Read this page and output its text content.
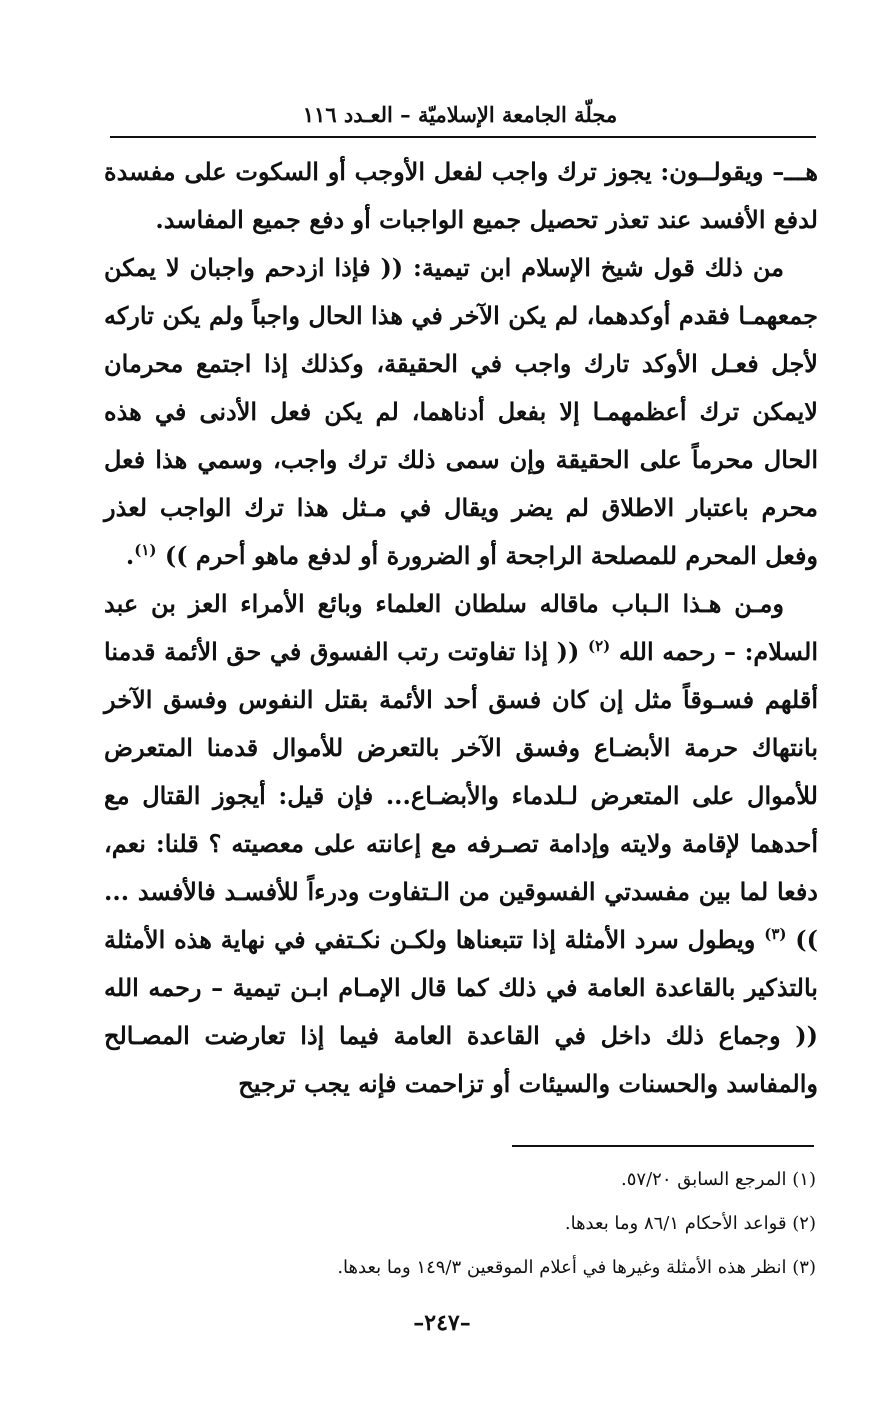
مجلّة الجامعة الإسلاميّة – العـدد ١١٦

هـــ– ويقولــون: يجوز ترك واجب لفعل الأوجب أو السكوت على مفسدة لدفع الأفسد عند تعذر تحصيل جميع الواجبات أو دفع جميع المفاسد.

من ذلك قول شيخ الإسلام ابن تيمية: (( فإذا ازدحم واجبان لا يمكن جمعهمـا فقدم أوكدهما، لم يكن الآخر في هذا الحال واجباً ولم يكن تاركه لأجل فعـل الأوكد تارك واجب في الحقيقة، وكذلك إذا اجتمع محرمان لايمكن ترك أعظمهمـا إلا بفعل أدناهما، لم يكن فعل الأدنى في هذه الحال محرماً على الحقيقة وإن سمى ذلك ترك واجب، وسمي هذا فعل محرم باعتبار الاطلاق لم يضر ويقال في مـثل هذا ترك الواجب لعذر وفعل المحرم للمصلحة الراجحة أو الضرورة أو لدفع ماهو أحرم )) $^{(١)}$.

ومـن هـذا الـباب ماقاله سلطان العلماء وبائع الأمراء العز بن عبد السلام: – رحمه الله $^{(٢)}$ (( إذا تفاوتت رتب الفسوق في حق الأئمة قدمنا أقلهم فسـوقاً مثل إن كان فسق أحد الأئمة بقتل النفوس وفسق الآخر بانتهاك حرمة الأبضـاع وفسق الآخر بالتعرض للأموال قدمنا المتعرض للأموال على المتعرض لـلدماء والأبضـاع... فإن قيل: أيجوز القتال مع أحدهما لإقامة ولايته وإدامة تصـرفه مع إعانته على معصيته ؟ قلنا: نعم، دفعا لما بين مفسدتي الفسوقين من الـتفاوت ودرءاً للأفسـد فالأفسد ... )) $^{(٣)}$ ويطول سرد الأمثلة إذا تتبعناها ولكـن نكـتفي في نهاية هذه الأمثلة بالتذكير بالقاعدة العامة في ذلك كما قال الإمـام ابـن تيمية – رحمه الله (( وجماع ذلك داخل في القاعدة العامة فيما إذا تعارضت المصـالح والمفاسد والحسنات والسيئات أو تزاحمت فإنه يجب ترجيح

(١) المرجع السابق ٥٧/٢٠.

(٢) قواعد الأحكام ٨٦/١ وما بعدها.

(٣) انظر هذه الأمثلة وغيرها في أعلام الموقعين ١٤٩/٣ وما بعدها.

–٢٤٧–
